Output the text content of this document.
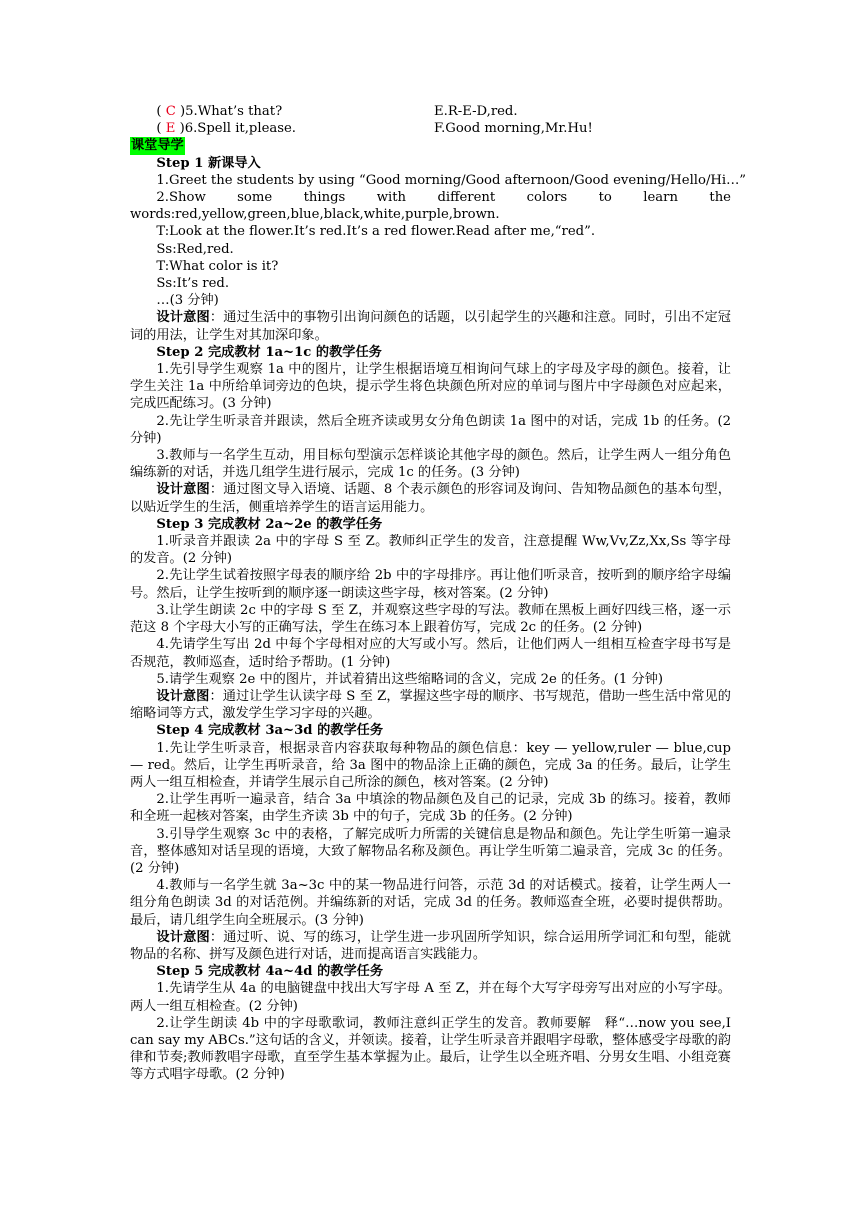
( C )5.What’s that?	E.R-E-D,red.
( E )6.Spell it,please.	F.Good morning,Mr.Hu!
课堂导学
Step 1 新课导入
1.Greet the students by using “Good morning/Good afternoon/Good evening/Hello/Hi…”
2.Show some things with different colors to learn the
words:red,yellow,green,blue,black,white,purple,brown.
T:Look at the flower.It’s red.It’s a red flower.Read after me,“red”.
Ss:Red,red.
T:What color is it?
Ss:It’s red.
…(3 分钟)
设计意图：通过生活中的事物引出询问颜色的话题，以引起学生的兴趣和注意。同时，引出不定冠词的用法，让学生对其加深印象。
Step 2 完成教材 1a~1c 的教学任务
1.先引导学生观察 1a 中的图片，让学生根据语境互相询问气球上的字母及字母的颜色。接着，让学生关注 1a 中所给单词旁边的色块，提示学生将色块颜色所对应的单词与图片中字母颜色对应起来，完成匹配练习。(3 分钟)
2.先让学生听录音并跟读，然后全班齐读或男女分角色朗读 1a 图中的对话，完成 1b 的任务。(2 分钟)
3.教师与一名学生互动，用目标句型演示怎样谈论其他字母的颜色。然后，让学生两人一组分角色编练新的对话，并选几组学生进行展示，完成 1c 的任务。(3 分钟)
设计意图：通过图文导入语境、话题、8 个表示颜色的形容词及询问、告知物品颜色的基本句型，以贴近学生的生活，侧重培养学生的语言运用能力。
Step 3 完成教材 2a~2e 的教学任务
1.听录音并跟读 2a 中的字母 S 至 Z。教师纠正学生的发音，注意提醒 Ww,Vv,Zz,Xx,Ss 等字母的发音。(2 分钟)
2.先让学生试着按照字母表的顺序给 2b 中的字母排序。再让他们听录音，按听到的顺序给字母编号。然后，让学生按听到的顺序逐一朗读这些字母，核对答案。(2 分钟)
3.让学生朗读 2c 中的字母 S 至 Z，并观察这些字母的写法。教师在黑板上画好四线三格，逐一示范这 8 个字母大小写的正确写法，学生在练习本上跟着仿写，完成 2c 的任务。(2 分钟)
4.先请学生写出 2d 中每个字母相对应的大写或小写。然后，让他们两人一组相互检查字母书写是否规范，教师巡查，适时给予帮助。(1 分钟)
5.请学生观察 2e 中的图片，并试着猜出这些缩略词的含义，完成 2e 的任务。(1 分钟)
设计意图：通过让学生认读字母 S 至 Z，掌握这些字母的顺序、书写规范，借助一些生活中常见的缩略词等方式，激发学生学习字母的兴趣。
Step 4 完成教材 3a~3d 的教学任务
1.先让学生听录音，根据录音内容获取每种物品的颜色信息：key — yellow,ruler — blue,cup — red。然后，让学生再听录音，给 3a 图中的物品涂上正确的颜色，完成 3a 的任务。最后，让学生两人一组互相检查，并请学生展示自己所涂的颜色，核对答案。(2 分钟)
2.让学生再听一遍录音，结合 3a 中填涂的物品颜色及自己的记录，完成 3b 的练习。接着，教师和全班一起核对答案，由学生齐读 3b 中的句子，完成 3b 的任务。(2 分钟)
3.引导学生观察 3c 中的表格，了解完成听力所需的关键信息是物品和颜色。先让学生听第一遍录音，整体感知对话呈现的语境，大致了解物品名称及颜色。再让学生听第二遍录音，完成 3c 的任务。(2 分钟)
4.教师与一名学生就 3a~3c 中的某一物品进行问答，示范 3d 的对话模式。接着，让学生两人一组分角色朗读 3d 的对话范例。并编练新的对话，完成 3d 的任务。教师巡查全班，必要时提供帮助。最后，请几组学生向全班展示。(3 分钟)
设计意图：通过听、说、写的练习，让学生进一步巩固所学知识，综合运用所学词汇和句型，能就物品的名称、拼写及颜色进行对话，进而提高语言实践能力。
Step 5 完成教材 4a~4d 的教学任务
1.先请学生从 4a 的电脑键盘中找出大写字母 A 至 Z，并在每个大写字母旁写出对应的小写字母。两人一组互相检查。(2 分钟)
2.让学生朗读 4b 中的字母歌歌词，教师注意纠正学生的发音。教师要解　释“…now you see,I can say my ABCs.”这句话的含义，并领读。接着，让学生听录音并跟唱字母歌，整体感受字母歌的韵律和节奏;教师教唱字母歌，直至学生基本掌握为止。最后，让学生以全班齐唱、分男女生唱、小组竞赛等方式唱字母歌。(2 分钟)
